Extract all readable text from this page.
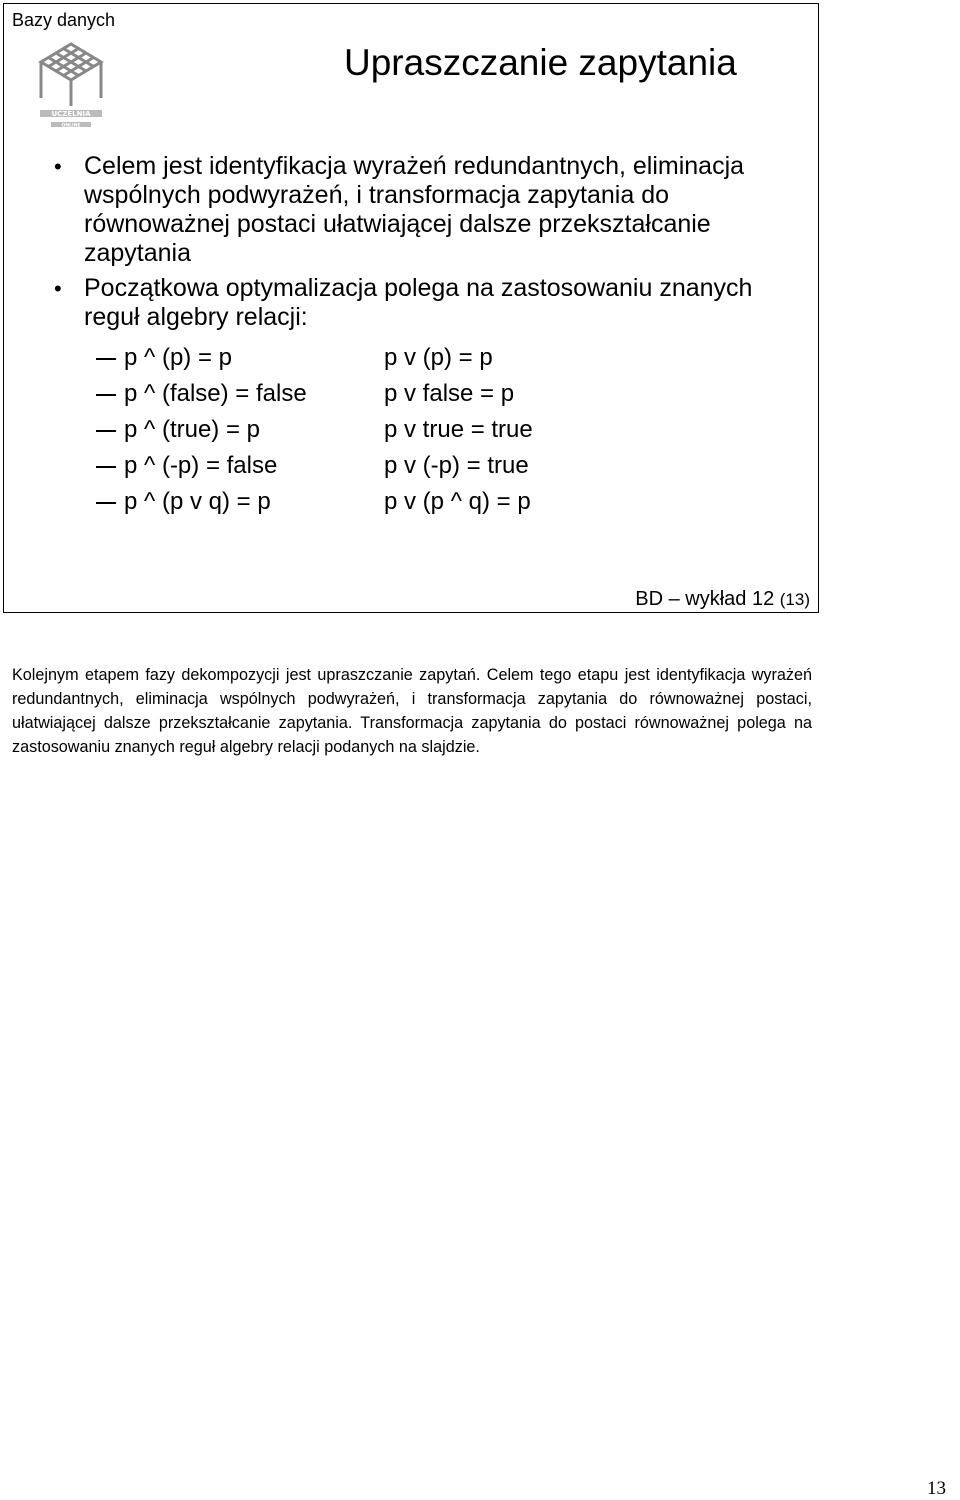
Bazy danych
UCZELNIA
ONLINE
Upraszczanie zapytania
• Celem jest identyfikacja wyrażeń redundantnych, eliminacja wspólnych podwyrażeń, i transformacja zapytania do równoważnej postaci ułatwiającej dalsze przekształcanie zapytania
• Początkowa optymalizacja polega na zastosowaniu znanych reguł algebry relacji:
p ^ (p) = p	p v (p) = p
p ^ (false) = false	p v false = p
p ^ (true) = p	p v true = true
p ^ (-p) = false	p v (-p) = true
p ^ (p v q) = p	p v (p ^ q) = p
BD – wykład 12 (13)

Kolejnym etapem fazy dekompozycji jest upraszczanie zapytań. Celem tego etapu jest identyfikacja wyrażeń redundantnych, eliminacja wspólnych podwyrażeń, i transformacja zapytania do równoważnej postaci, ułatwiającej dalsze przekształcanie zapytania. Transformacja zapytania do postaci równoważnej polega na zastosowaniu znanych reguł algebry relacji podanych na slajdzie.

13
